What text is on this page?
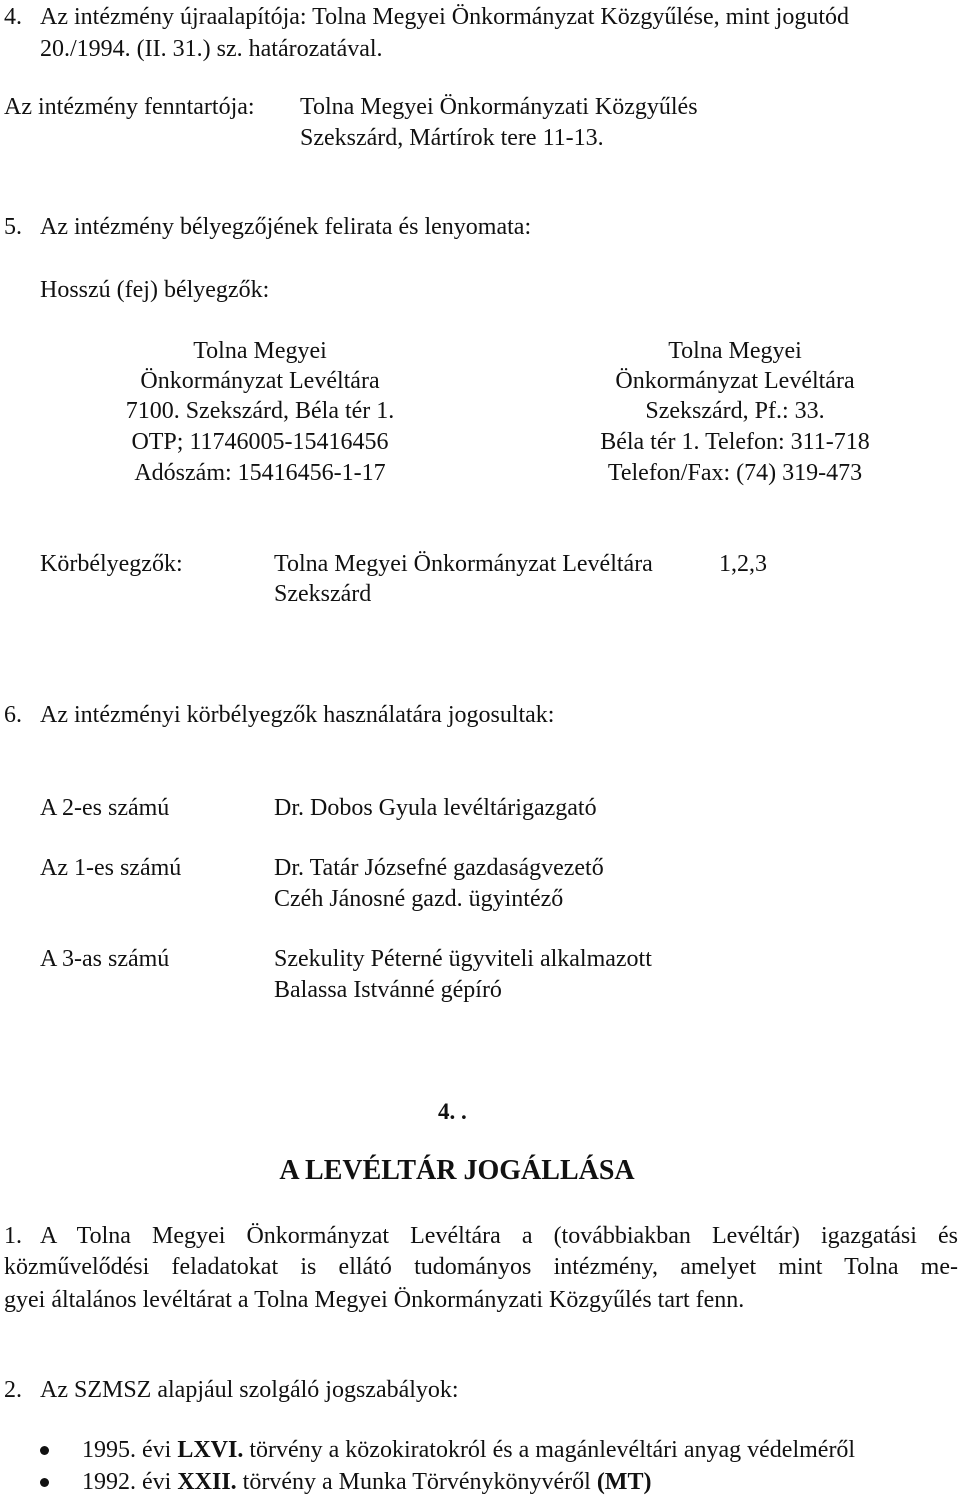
4. Az intézmény újraalapítója: Tolna Megyei Önkormányzat Közgyűlése, mint jogutód
20./1994. (II. 31.) sz. határozatával.
Az intézmény fenntartója: Tolna Megyei Önkormányzati Közgyűlés
Szekszárd, Mártírok tere 11-13.
5. Az intézmény bélyegzőjének felirata és lenyomata:
Hosszú (fej) bélyegzők:
Tolna Megyei
Önkormányzat Levéltára
7100. Szekszárd, Béla tér 1.
OTP; 11746005-15416456
Adószám: 15416456-1-17
Tolna Megyei
Önkormányzat Levéltára
Szekszárd, Pf.: 33.
Béla tér 1. Telefon: 311-718
Telefon/Fax: (74) 319-473
Körbélyegzők:	Tolna Megyei Önkormányzat Levéltára	1,2,3
Szekszárd
6. Az intézményi körbélyegzők használatára jogosultak:
A 2-es számú	Dr. Dobos Gyula levéltárigazgató
Az 1-es számú	Dr. Tatár Józsefné gazdaságvezető
Czéh Jánosné gazd. ügyintéző
A 3-as számú	Szekulity Péterné ügyviteli alkalmazott
Balassa Istvánné gépíró
4. .
A LEVÉLTÁR JOGÁLLÁSA
1. A Tolna Megyei Önkormányzat Levéltára a (továbbiakban Levéltár) igazgatási és
közművelődési feladatokat is ellátó tudományos intézmény, amelyet mint Tolna me-
gyei általános levéltárat a Tolna Megyei Önkormányzati Közgyűlés tart fenn.
2. Az SZMSZ alapjául szolgáló jogszabályok:
1995. évi LXVI. törvény a közokiratokról és a magánlevéltári anyag védelméről
1992. évi XXII. törvény a Munka Törvénykönyvéről (MT)
